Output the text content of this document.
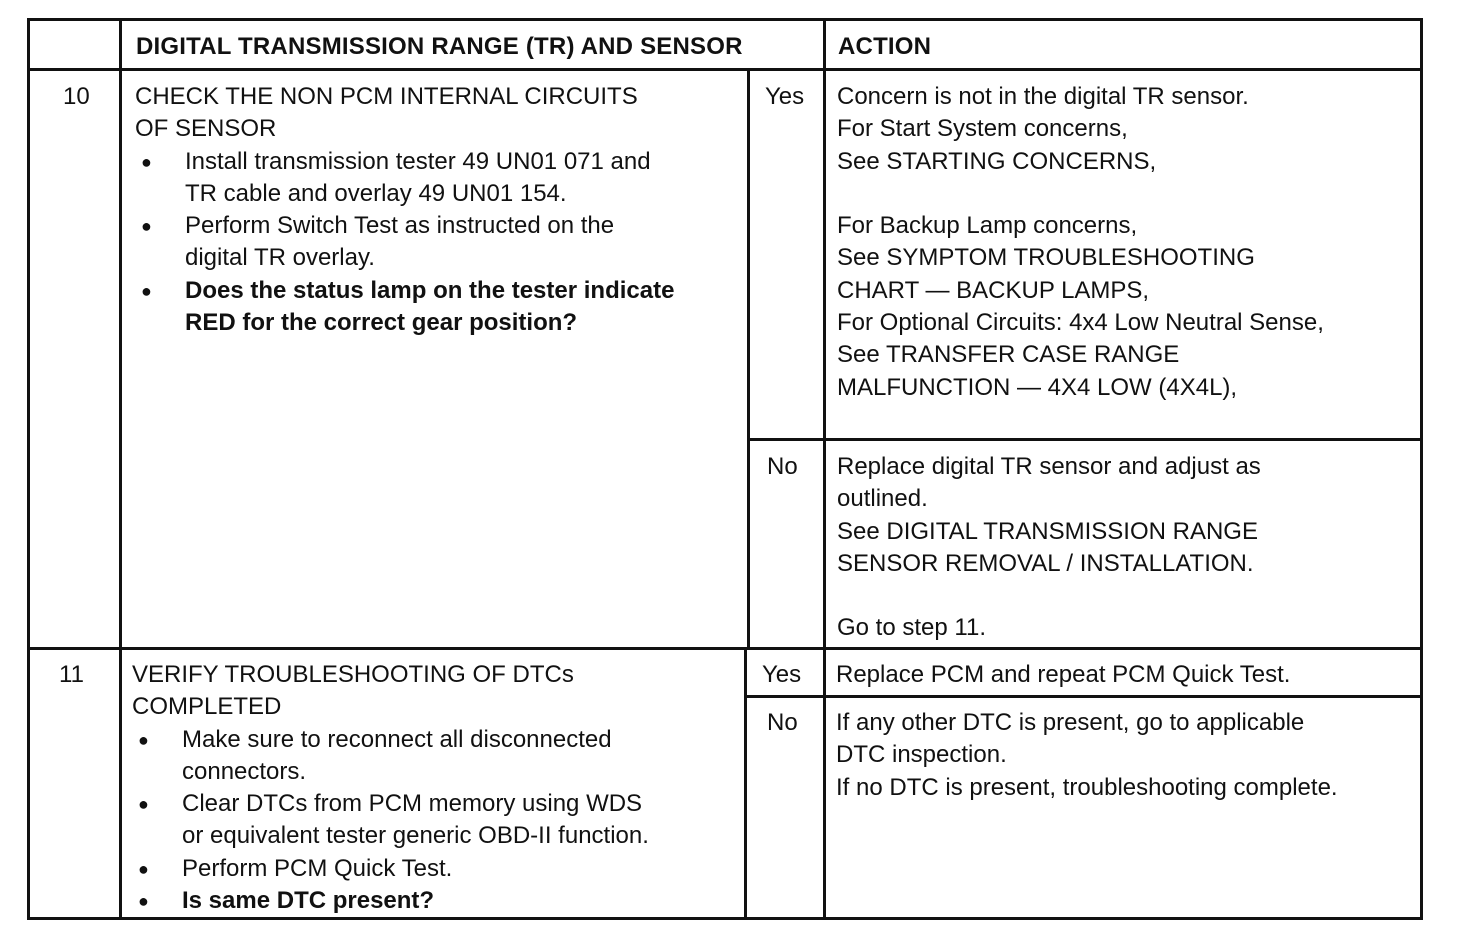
DIGITAL TRANSMISSION RANGE (TR) AND SENSOR	ACTION
10 CHECK THE NON PCM INTERNAL CIRCUITS
OF SENSOR
● Install transmission tester 49 UN01 071 and
TR cable and overlay 49 UN01 154.
● Perform Switch Test as instructed on the
digital TR overlay.
● Does the status lamp on the tester indicate
RED for the correct gear position?
Yes Concern is not in the digital TR sensor.
For Start System concerns,
See STARTING CONCERNS,
For Backup Lamp concerns,
See SYMPTOM TROUBLESHOOTING
CHART — BACKUP LAMPS,
For Optional Circuits: 4x4 Low Neutral Sense,
See TRANSFER CASE RANGE
MALFUNCTION — 4X4 LOW (4X4L),
No Replace digital TR sensor and adjust as
outlined.
See DIGITAL TRANSMISSION RANGE
SENSOR REMOVAL / INSTALLATION.
Go to step 11.
11 VERIFY TROUBLESHOOTING OF DTCs
COMPLETED
● Make sure to reconnect all disconnected
connectors.
● Clear DTCs from PCM memory using WDS
or equivalent tester generic OBD-II function.
● Perform PCM Quick Test.
● Is same DTC present?
Yes Replace PCM and repeat PCM Quick Test.
No If any other DTC is present, go to applicable
DTC inspection.
If no DTC is present, troubleshooting complete.
